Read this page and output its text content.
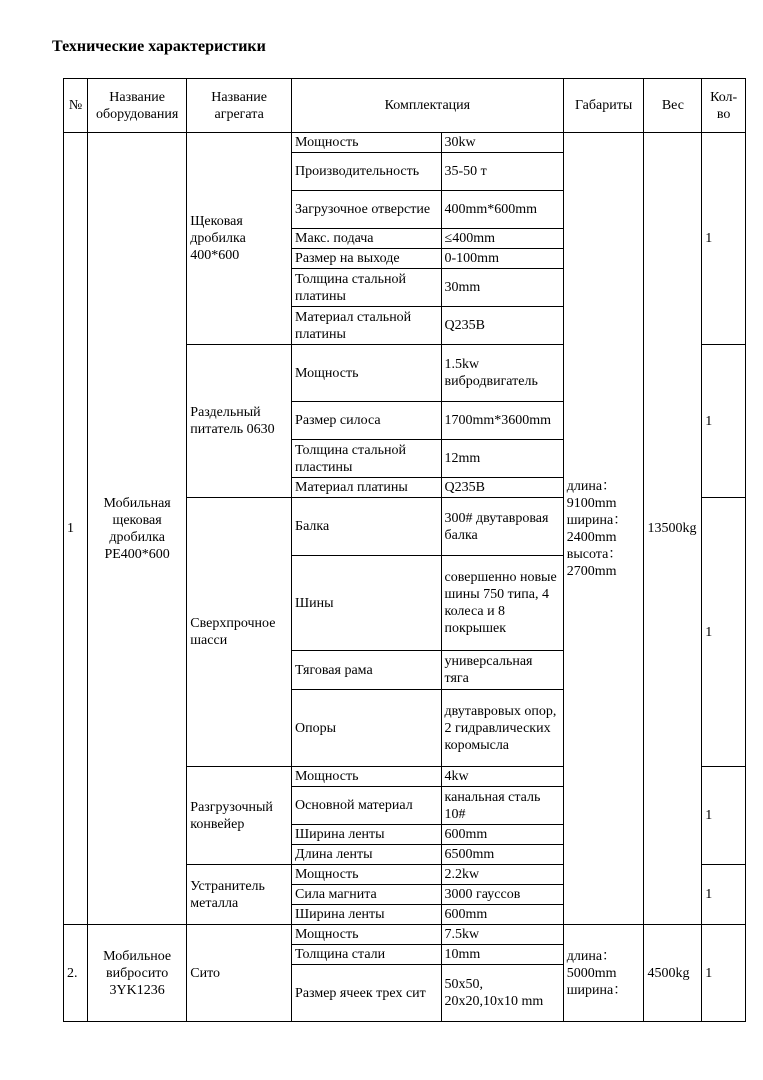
Технические характеристики
№	Название оборудования	Название агрегата	Комплектация		Габариты	Вес	Кол-во
1	Мобильная щековая дробилка PE400*600	Щековая дробилка 400*600	Мощность	30kw	длина：9100mm ширина：2400mm высота：2700mm	13500kg	1
			Производительность	35-50 т			
			Загрузочное отверстие	400mm*600mm			
			Макс. подача	≤400mm			
			Размер на выходе	0-100mm			
			Толщина стальной платины	30mm			
			Материал стальной платины	Q235B			
		Раздельный питатель 0630	Мощность	1.5kw вибродвигатель			1
			Размер силоса	1700mm*3600mm			
			Толщина стальной пластины	12mm			
			Материал платины	Q235B			
		Сверхпрочное шасси	Балка	300# двутавровая балка			1
			Шины	совершенно новые шины 750 типа, 4 колеса и 8 покрышек			
			Тяговая рама	универсальная тяга			
			Опоры	двутавровых опор, 2 гидравлических коромысла			
		Разгрузочный конвейер	Мощность	4kw			1
			Основной материал	канальная сталь 10#			
			Ширина ленты	600mm			
			Длина ленты	6500mm			
		Устранитель металла	Мощность	2.2kw			1
			Сила магнита	3000 гауссов			
			Ширина ленты	600mm			
2.	Мобильное вибросито 3YK1236	Сито	Мощность	7.5kw	длина：5000mm ширина：	4500kg	1
			Толщина стали	10mm			
			Размер ячеек трех сит	50x50, 20x20,10x10 mm			
